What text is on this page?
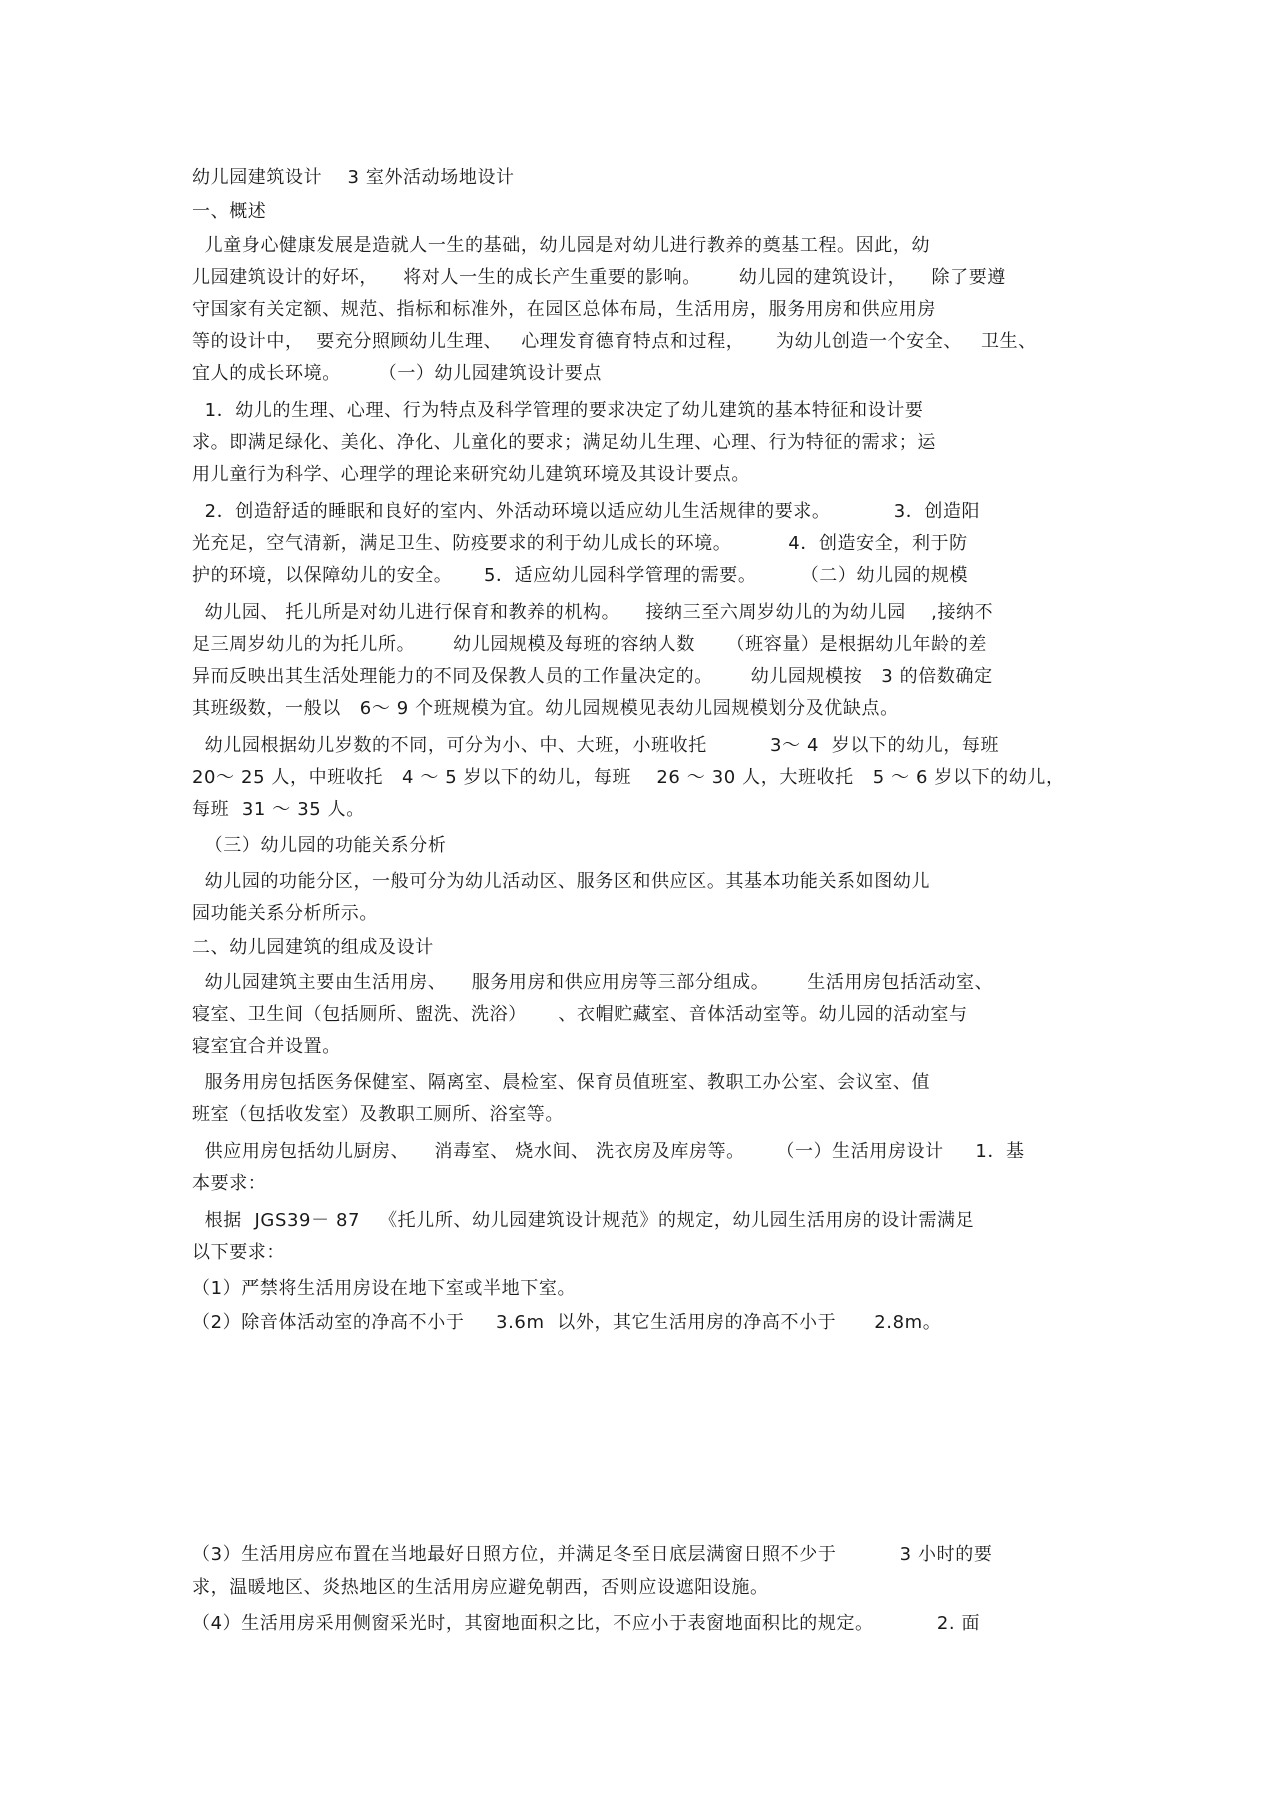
幼儿园建筑设计    3 室外活动场地设计
一、概述
儿童身心健康发展是造就人一生的基础，幼儿园是对幼儿进行教养的奠基工程。因此，幼
儿园建筑设计的好坏，    将对人一生的成长产生重要的影响。      幼儿园的建筑设计，    除了要遵
守国家有关定额、规范、指标和标准外，在园区总体布局，生活用房，服务用房和供应用房
等的设计中，  要充分照顾幼儿生理、   心理发育德育特点和过程，     为幼儿创造一个安全、   卫生、
宜人的成长环境。      （一）幼儿园建筑设计要点
1．幼儿的生理、心理、行为特点及科学管理的要求决定了幼儿建筑的基本特征和设计要
求。即满足绿化、美化、净化、儿童化的要求；满足幼儿生理、心理、行为特征的需求；运
用儿童行为科学、心理学的理论来研究幼儿建筑环境及其设计要点。
2．创造舒适的睡眠和良好的室内、外活动环境以适应幼儿生活规律的要求。          3．创造阳
光充足，空气清新，满足卫生、防疫要求的利于幼儿成长的环境。         4．创造安全，利于防
护的环境，以保障幼儿的安全。     5．适应幼儿园科学管理的需要。       （二）幼儿园的规模
幼儿园、 托儿所是对幼儿进行保育和教养的机构。    接纳三至六周岁幼儿的为幼儿园    ,接纳不
足三周岁幼儿的为托儿所。      幼儿园规模及每班的容纳人数     （班容量）是根据幼儿年龄的差
异而反映出其生活处理能力的不同及保教人员的工作量决定的。      幼儿园规模按   3 的倍数确定
其班级数，一般以   6～ 9 个班规模为宜。幼儿园规模见表幼儿园规模划分及优缺点。
幼儿园根据幼儿岁数的不同，可分为小、中、大班，小班收托          3～ 4  岁以下的幼儿，每班
20～ 25 人，中班收托   4 ～ 5 岁以下的幼儿，每班    26 ～ 30 人，大班收托   5 ～ 6 岁以下的幼儿，
每班  31 ～ 35 人。
（三）幼儿园的功能关系分析
幼儿园的功能分区，一般可分为幼儿活动区、服务区和供应区。其基本功能关系如图幼儿
园功能关系分析所示。
二、幼儿园建筑的组成及设计
幼儿园建筑主要由生活用房、    服务用房和供应用房等三部分组成。      生活用房包括活动室、
寝室、卫生间（包括厕所、盥洗、洗浴）     、衣帽贮藏室、音体活动室等。幼儿园的活动室与
寝室宜合并设置。
服务用房包括医务保健室、隔离室、晨检室、保育员值班室、教职工办公室、会议室、值
班室（包括收发室）及教职工厕所、浴室等。
供应用房包括幼儿厨房、    消毒室、 烧水间、 洗衣房及库房等。     （一）生活用房设计     1．基
本要求：
根据  JGS39－ 87   《托儿所、幼儿园建筑设计规范》的规定，幼儿园生活用房的设计需满足
以下要求：
（1）严禁将生活用房设在地下室或半地下室。
（2）除音体活动室的净高不小于     3.6m  以外，其它生活用房的净高不小于      2.8m。
（3）生活用房应布置在当地最好日照方位，并满足冬至日底层满窗日照不少于          3 小时的要
求，温暖地区、炎热地区的生活用房应避免朝西，否则应设遮阳设施。
（4）生活用房采用侧窗采光时，其窗地面积之比，不应小于表窗地面积比的规定。          2. 面
